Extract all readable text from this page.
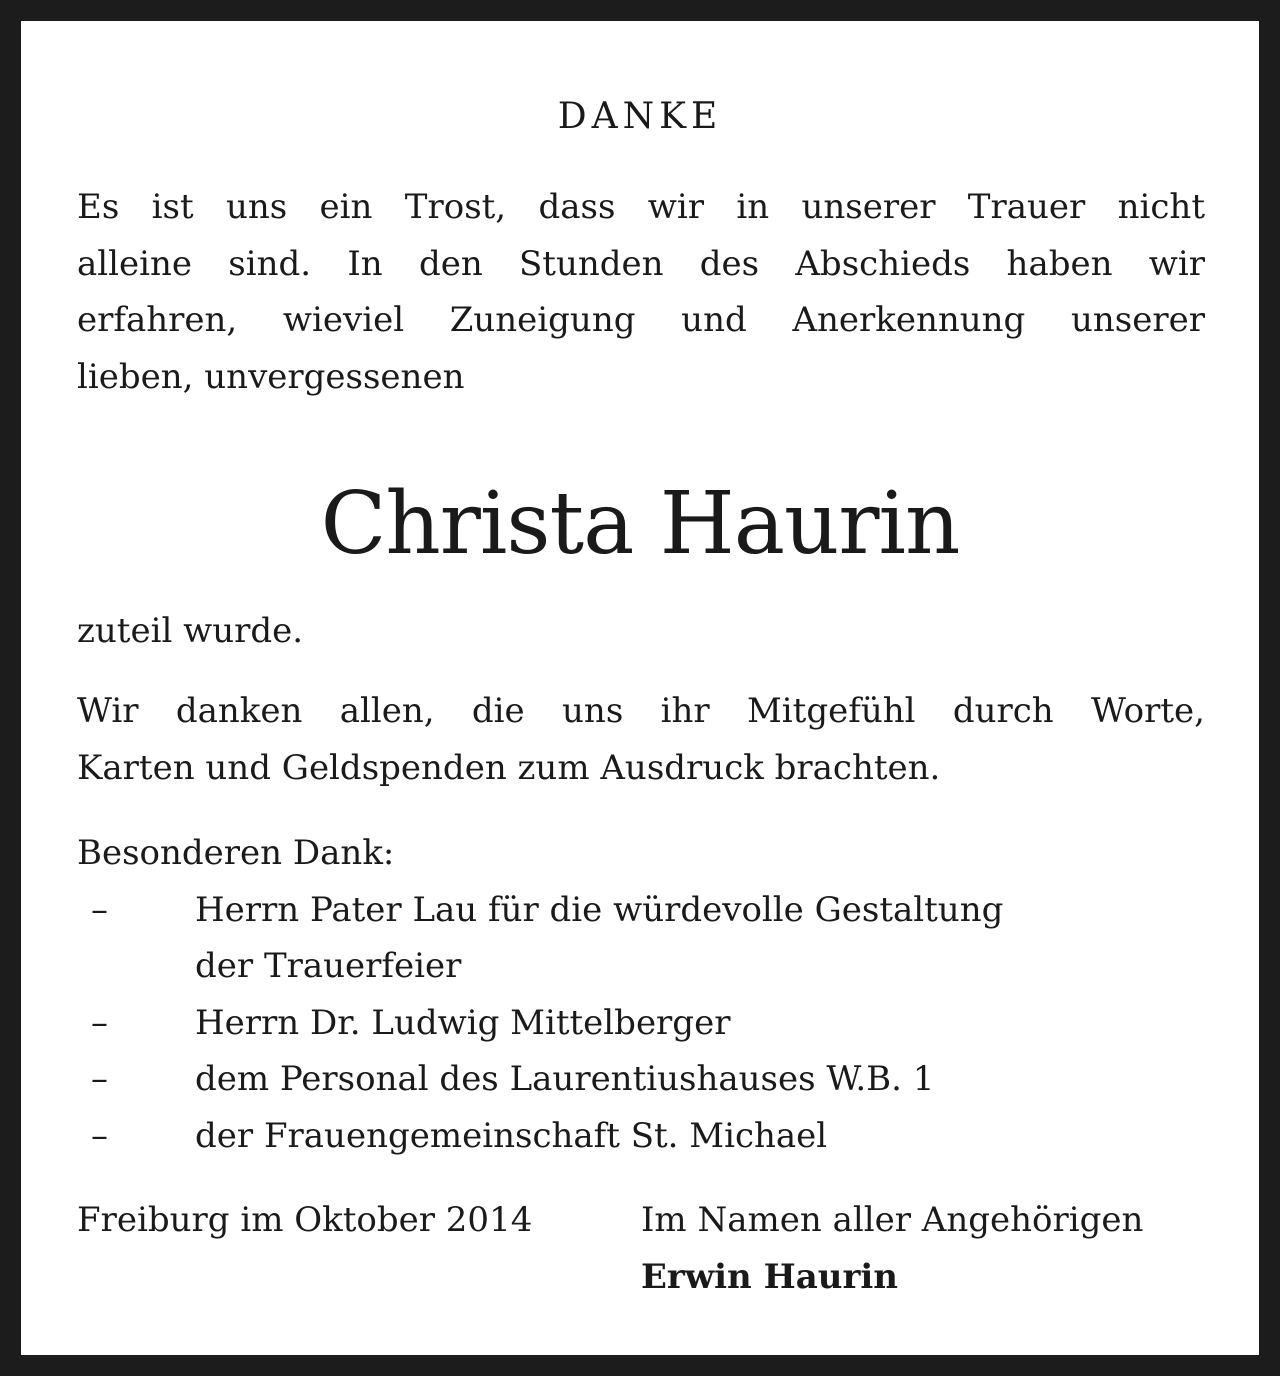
DANKE

Es ist uns ein Trost, dass wir in unserer Trauer nicht
alleine sind. In den Stunden des Abschieds haben wir
erfahren, wieviel Zuneigung und Anerkennung unserer
lieben, unvergessenen

Christa Haurin

zuteil wurde.

Wir danken allen, die uns ihr Mitgefühl durch Worte,
Karten und Geldspenden zum Ausdruck brachten.

Besonderen Dank:
–	Herrn Pater Lau für die würdevolle Gestaltung
der Trauerfeier
–	Herrn Dr. Ludwig Mittelberger
–	dem Personal des Laurentiushauses W.B. 1
–	der Frauengemeinschaft St. Michael
Freiburg im Oktober 2014	Im Namen aller Angehörigen
Erwin Haurin
